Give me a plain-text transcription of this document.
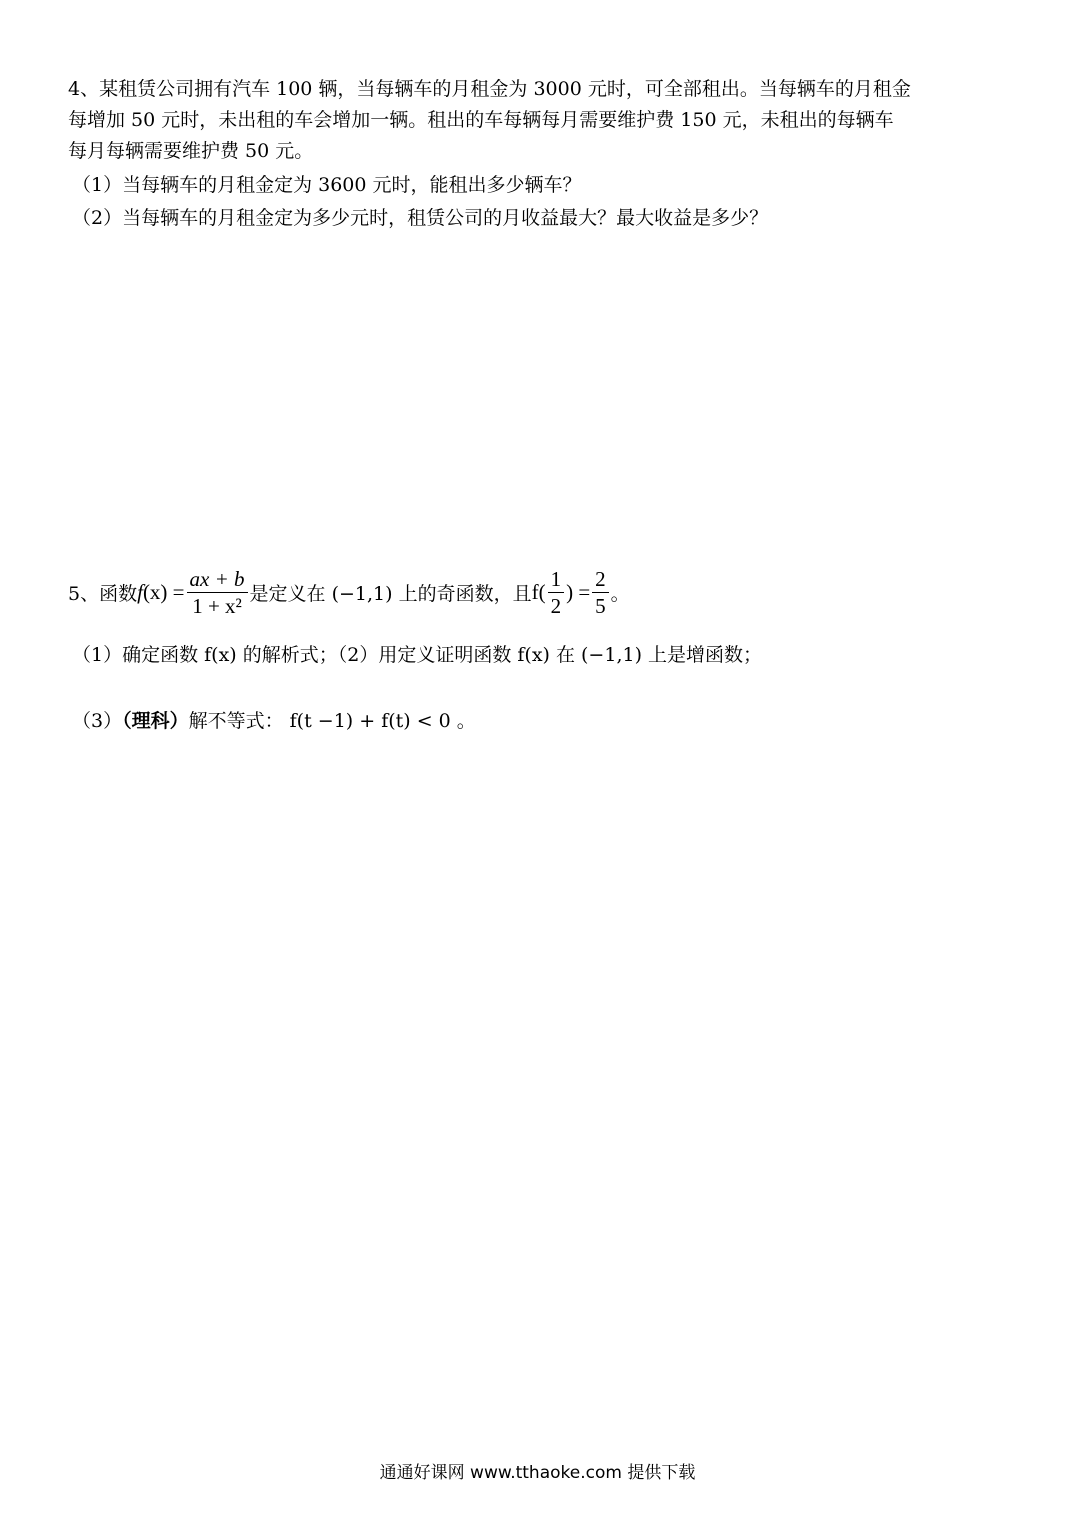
4、某租赁公司拥有汽车 100 辆，当每辆车的月租金为 3000 元时，可全部租出。当每辆车的月租金
每增加 50 元时，未出租的车会增加一辆。租出的车每辆每月需要维护费 150 元，未租出的每辆车
每月每辆需要维护费 50 元。
（1）当每辆车的月租金定为 3600 元时，能租出多少辆车？
（2）当每辆车的月租金定为多少元时，租赁公司的月收益最大？最大收益是多少？
5、函数 f $(x) = \frac{ax + b}{\text{1 + x²}}$ 是定义在 (−1,1) 上的奇函数，且 $f( \frac{1}{2}$ ) = $\frac{2}{5}$ 。
（1）确定函数 f(x) 的解析式；（2）用定义证明函数 f(x) 在 (−1,1) 上是增函数；
（3）（理科）解不等式： f(t −1) + f(t) < 0 。
通通好课网 www.tthaoke.com 提供下载
